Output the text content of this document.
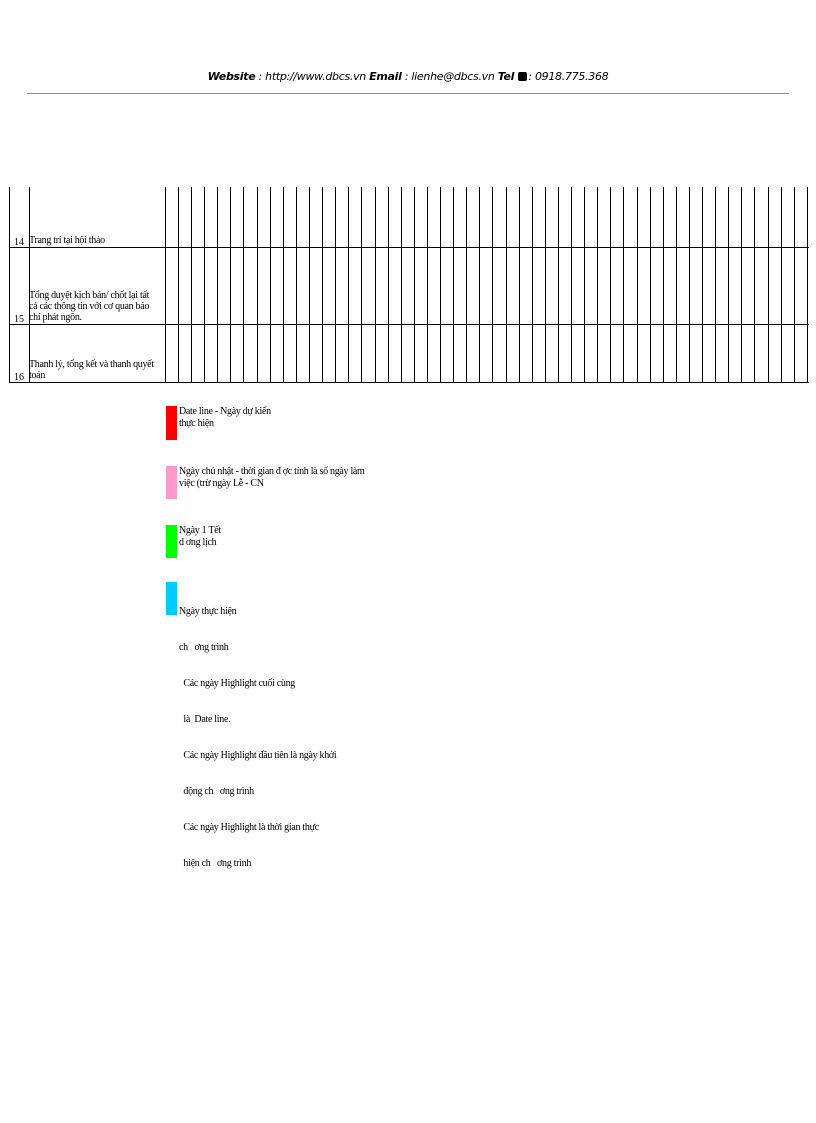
Website : http://www.dbcs.vn Email : lienhe@dbcs.vn Tel : 0918.775.368
14 Trang trí tại hội thảo
15
Tổng duyệt kịch bản/ chốt lại tất
cả các thông tin với cơ quan báo
chí phát ngôn.
16
Thanh lý, tổng kết và thanh quyết
toán
Date line - Ngày dự kiến
thực hiện
Ngày chủ nhật - thời gian đ ợc tính là số ngày làm
việc (trừ ngày Lễ - CN
Ngày 1 Tết
d ơng lịch

Ngày thực hiện

ch   ơng trình

Các ngày Highlight cuối cùng

là  Date line.

Các ngày Highlight đầu tiên là ngày khởi

động ch   ơng trình

Các ngày Highlight là thời gian thực

hiện ch   ơng trình
